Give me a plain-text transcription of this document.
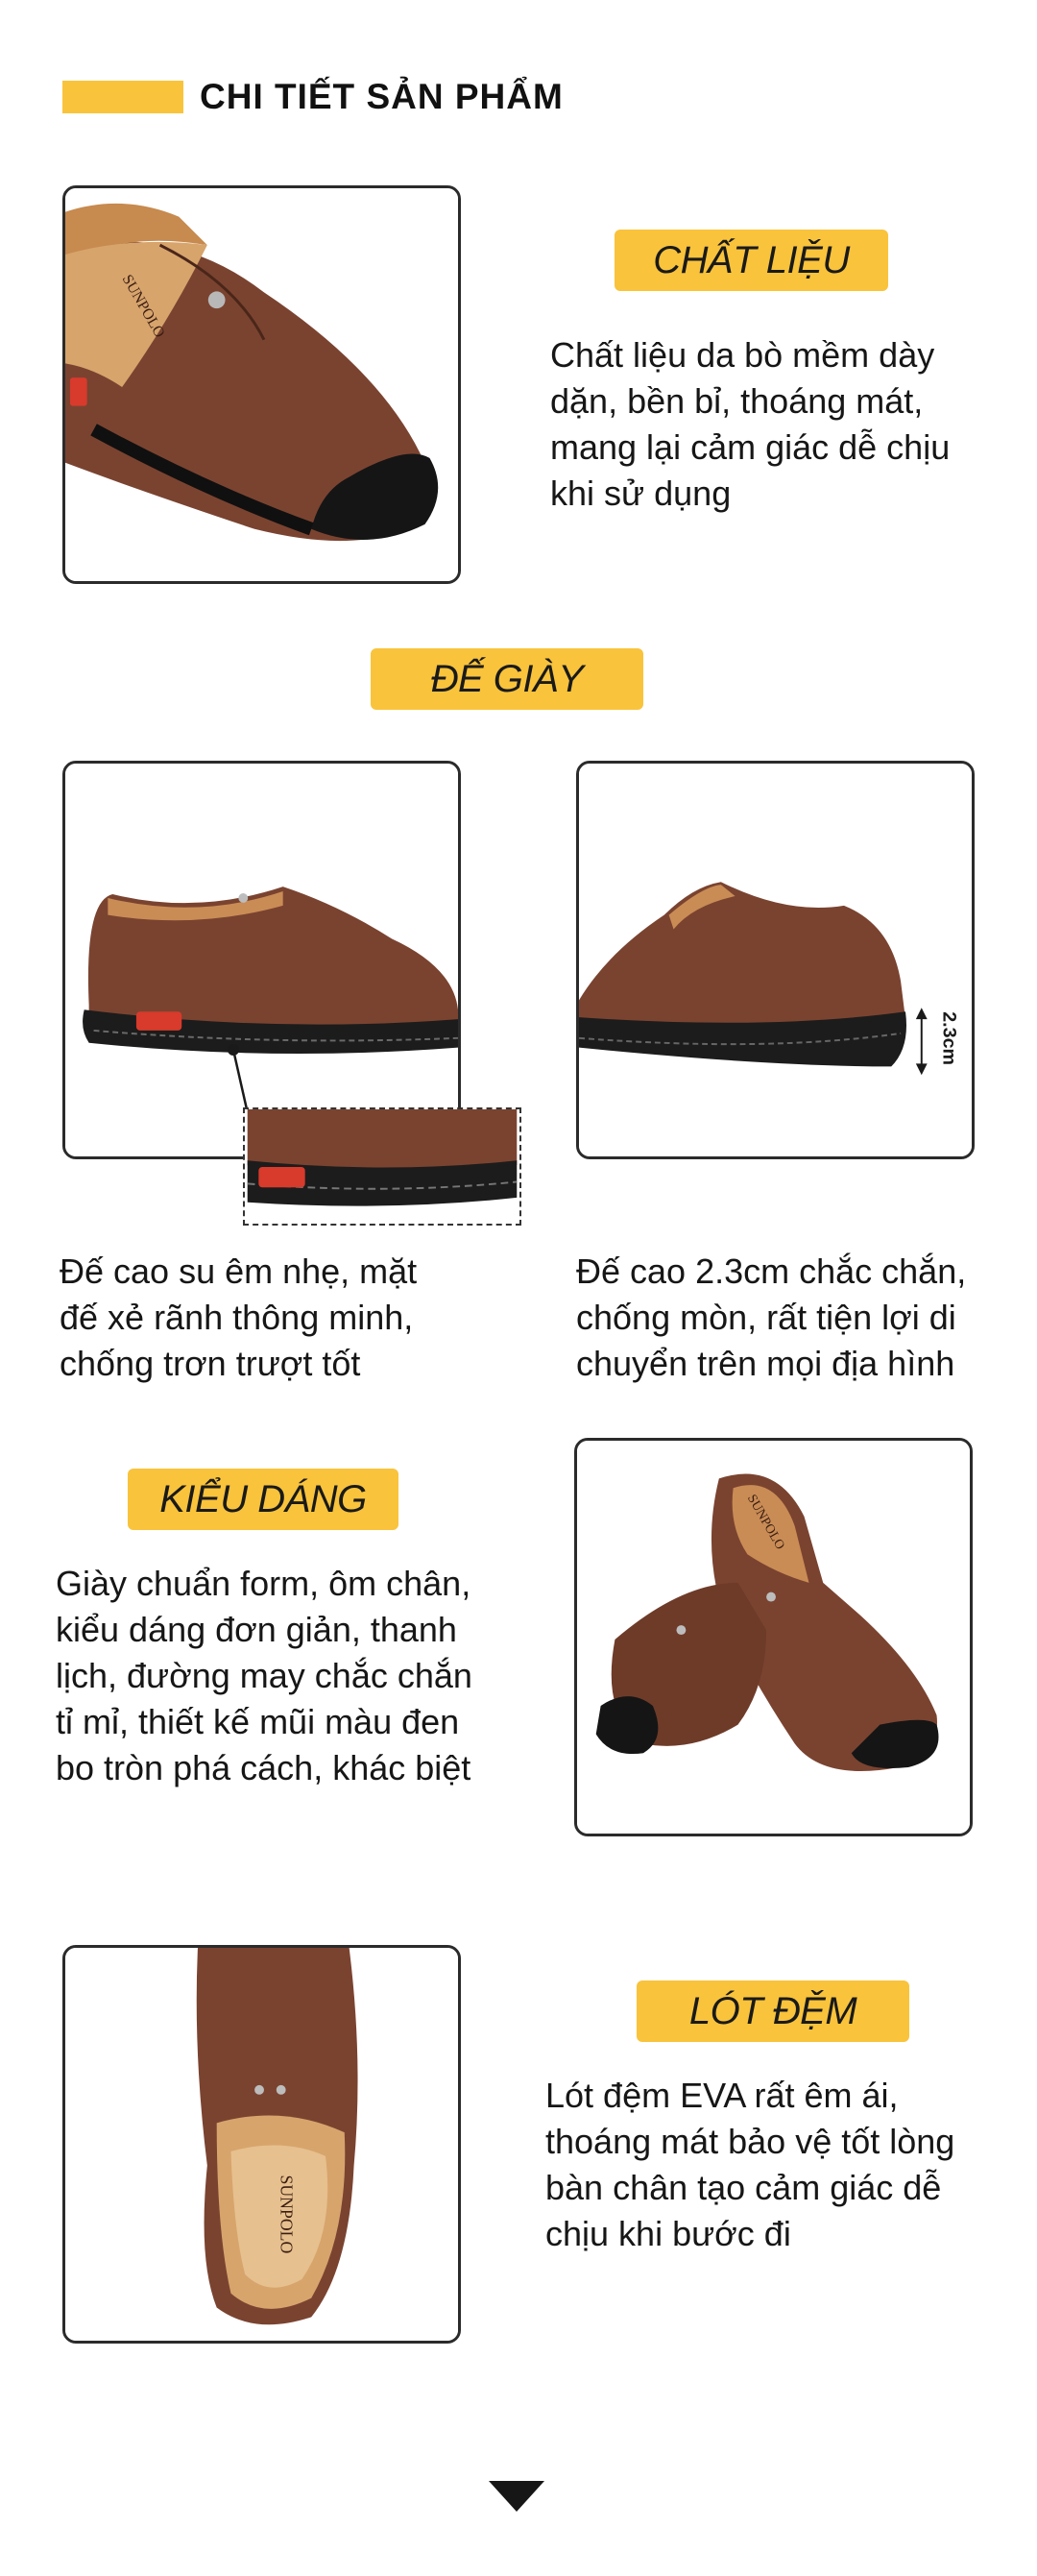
CHI TIẾT SẢN PHẨM
SUNPOLO
CHẤT LIỆU
Chất liệu da bò mềm dày
dặn, bền bỉ, thoáng mát,
mang lại cảm giác dễ chịu
khi sử dụng
ĐẾ GIÀY
2.3cm
Đế cao su êm nhẹ, mặt
đế xẻ rãnh thông minh,
chống trơn trượt tốt
Đế cao 2.3cm chắc chắn,
chống mòn, rất tiện lợi di
chuyển trên mọi địa hình
KIỂU DÁNG
Giày chuẩn form, ôm chân,
kiểu dáng đơn giản, thanh
lịch, đường may chắc chắn
tỉ mỉ, thiết kế mũi màu đen
bo tròn phá cách, khác biệt
SUNPOLO
SUNPOLO
LÓT ĐỆM
Lót đệm EVA rất êm ái,
thoáng mát bảo vệ tốt lòng
bàn chân tạo cảm giác dễ
chịu khi bước đi
